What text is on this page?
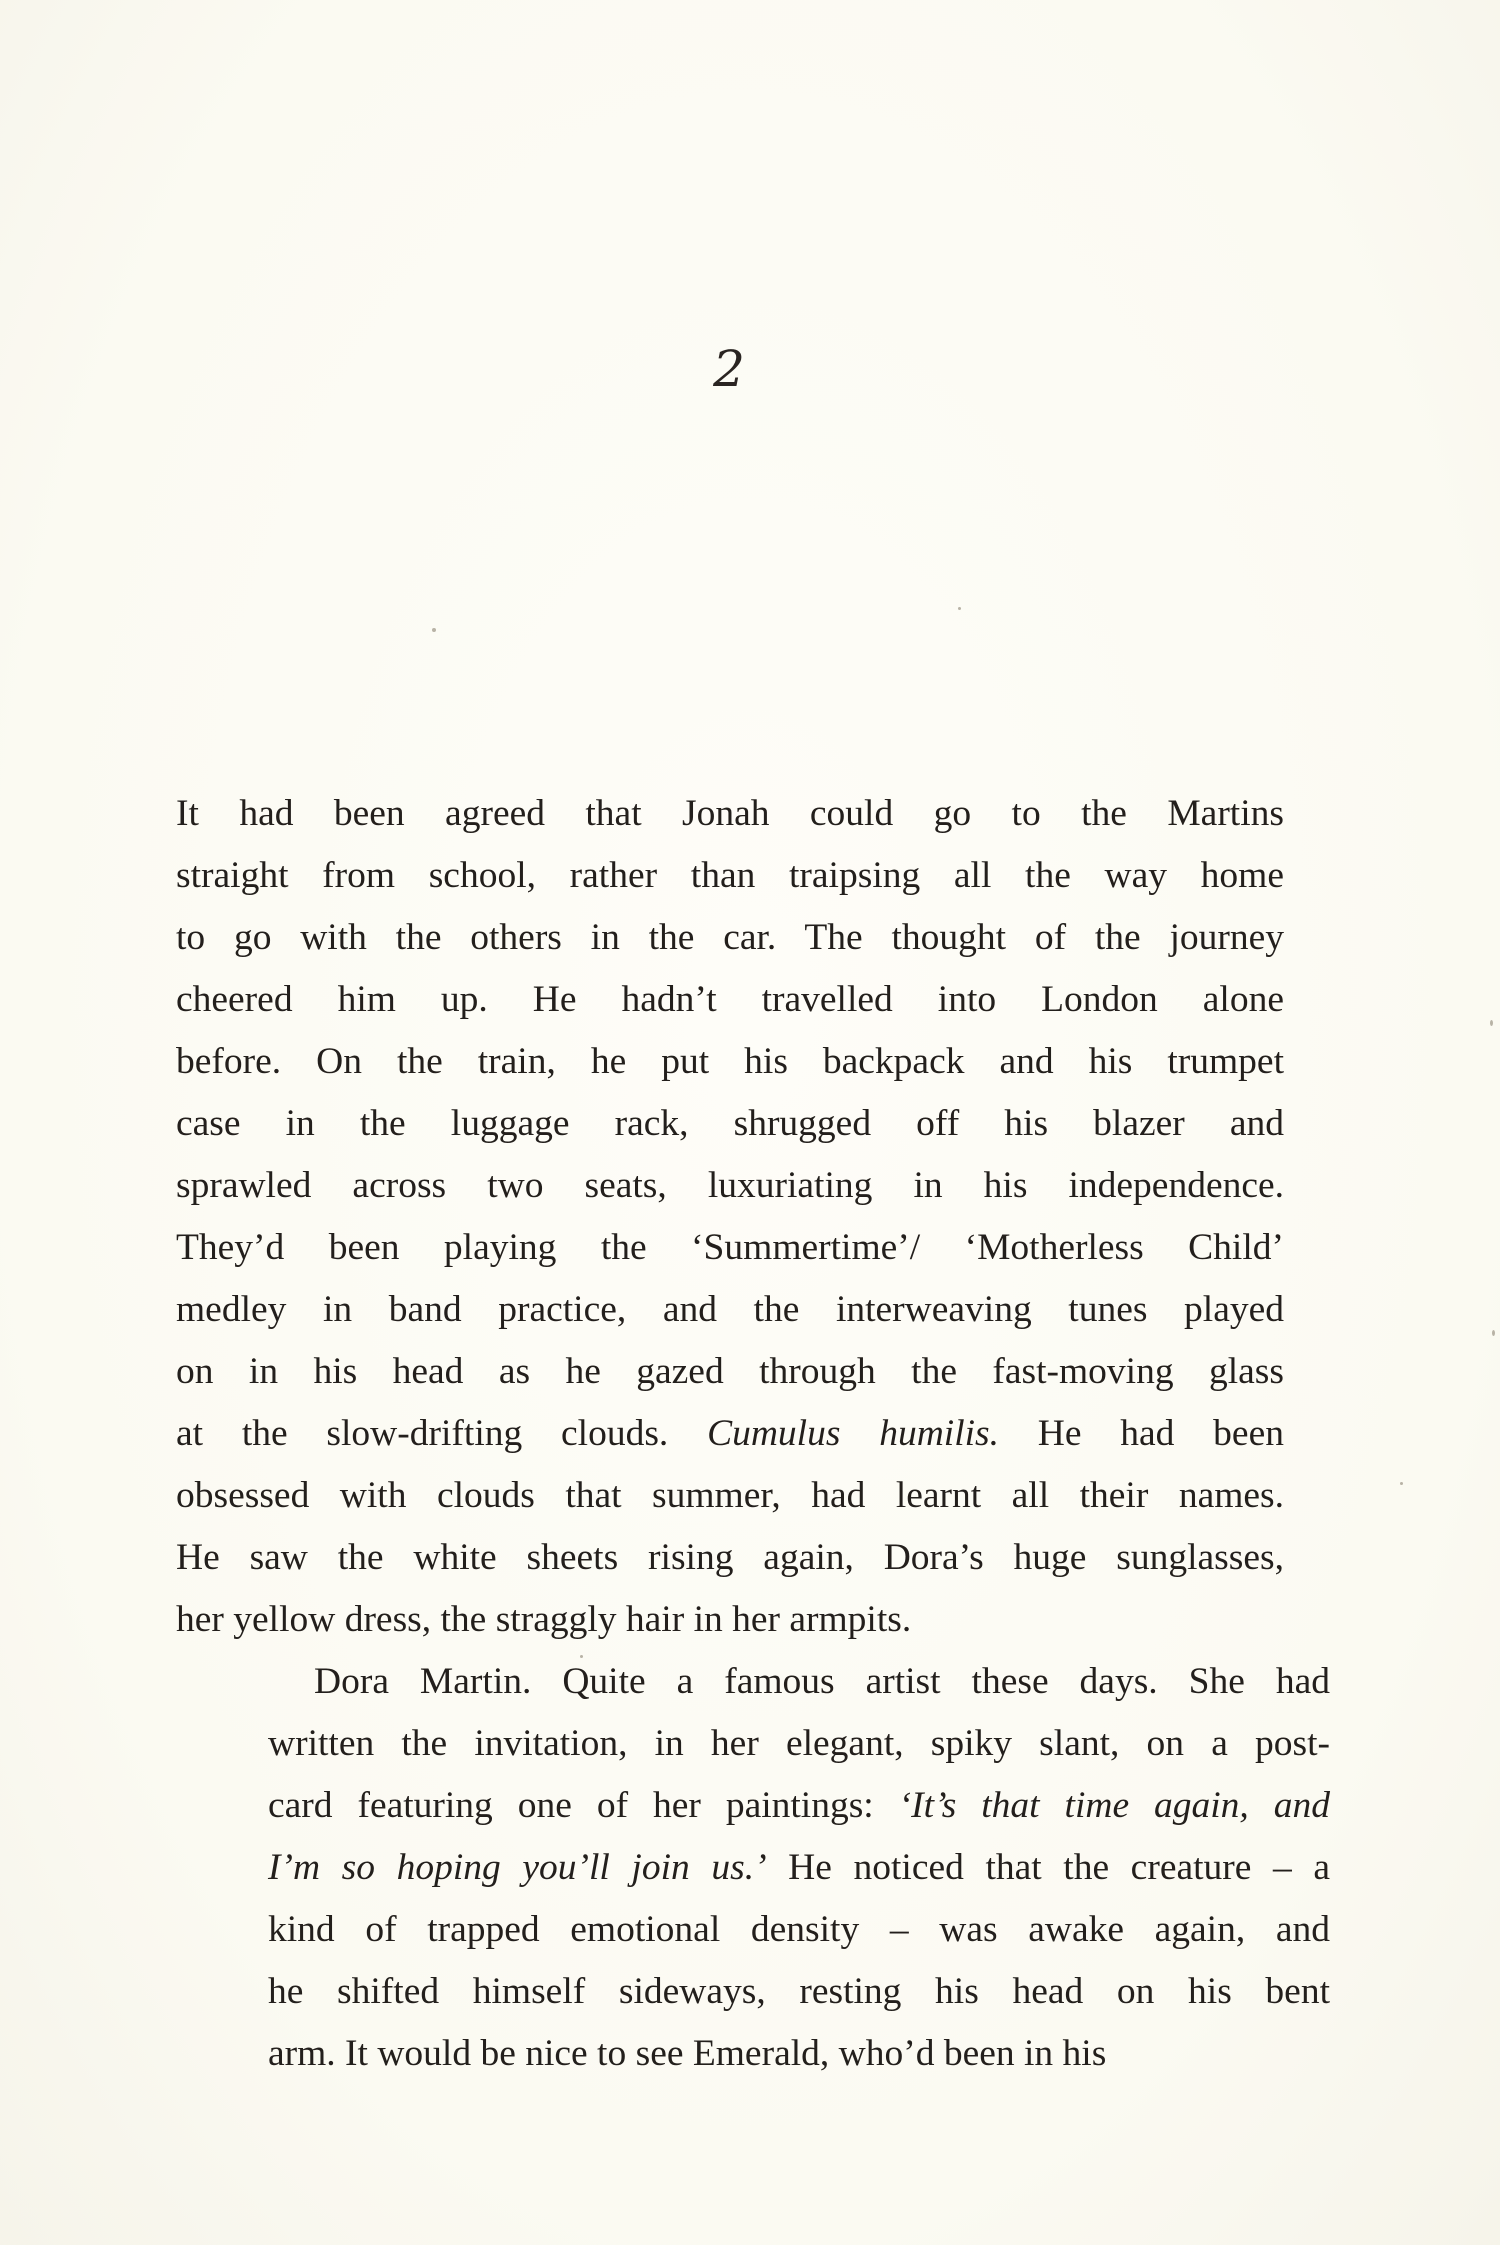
2
It had been agreed that Jonah could go to the Martins
straight from school, rather than traipsing all the way home
to go with the others in the car. The thought of the journey
cheered him up. He hadn’t travelled into London alone
before. On the train, he put his backpack and his trumpet
case in the luggage rack, shrugged off his blazer and
sprawled across two seats, luxuriating in his independence.
They’d been playing the ‘Summertime’/ ‘Motherless Child’
medley in band practice, and the interweaving tunes played
on in his head as he gazed through the fast-moving glass
at the slow-drifting clouds. Cumulus humilis. He had been
obsessed with clouds that summer, had learnt all their names.
He saw the white sheets rising again, Dora’s huge sunglasses,
her yellow dress, the straggly hair in her armpits.
Dora Martin. Quite a famous artist these days. She had
written the invitation, in her elegant, spiky slant, on a post-
card featuring one of her paintings: ‘It’s that time again, and
I’m so hoping you’ll join us.’ He noticed that the creature – a
kind of trapped emotional density – was awake again, and
he shifted himself sideways, resting his head on his bent
arm. It would be nice to see Emerald, who’d been in his
